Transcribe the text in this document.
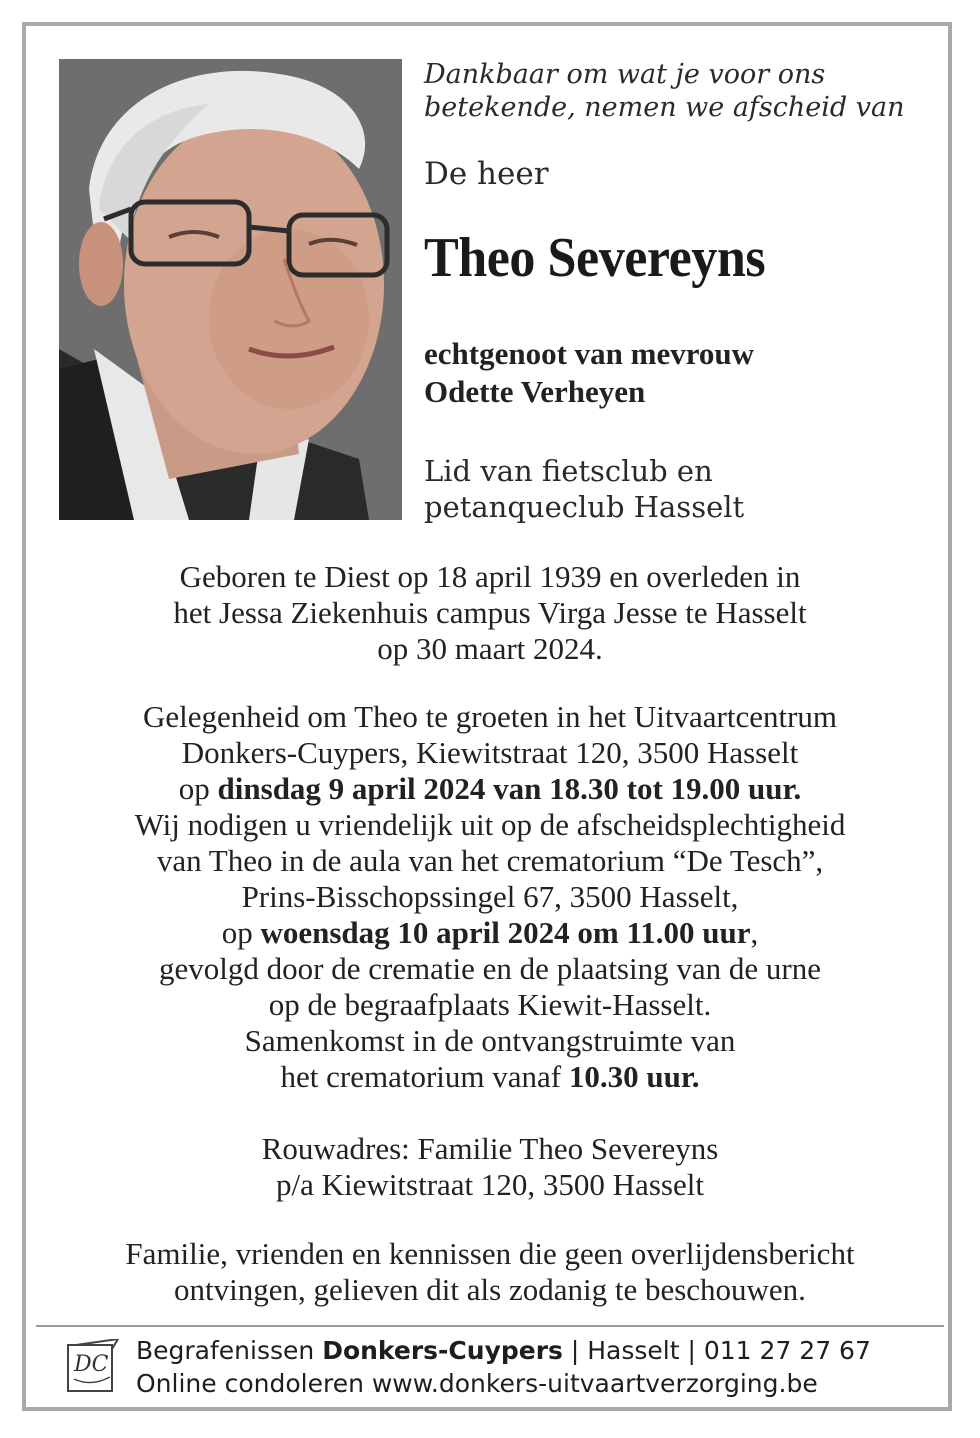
Dankbaar om wat je voor ons
betekende, nemen we afscheid van
De heer
Theo Severeyns
echtgenoot van mevrouw
Odette Verheyen
Lid van fietsclub en
petanqueclub Hasselt
Geboren te Diest op 18 april 1939 en overleden in
het Jessa Ziekenhuis campus Virga Jesse te Hasselt
op 30 maart 2024.
Gelegenheid om Theo te groeten in het Uitvaartcentrum
Donkers-Cuypers, Kiewitstraat 120, 3500 Hasselt
op dinsdag 9 april 2024 van 18.30 tot 19.00 uur.
Wij nodigen u vriendelijk uit op de afscheidsplechtigheid
van Theo in de aula van het crematorium “De Tesch”,
Prins-Bisschopssingel 67, 3500 Hasselt,
op woensdag 10 april 2024 om 11.00 uur,
gevolgd door de crematie en de plaatsing van de urne
op de begraafplaats Kiewit-Hasselt.
Samenkomst in de ontvangstruimte van
het crematorium vanaf 10.30 uur.
Rouwadres: Familie Theo Severeyns
p/a Kiewitstraat 120, 3500 Hasselt
Familie, vrienden en kennissen die geen overlijdensbericht
ontvingen, gelieven dit als zodanig te beschouwen.
DC Begrafenissen Donkers-Cuypers | Hasselt | 011 27 27 67
Online condoleren www.donkers-uitvaartverzorging.be
